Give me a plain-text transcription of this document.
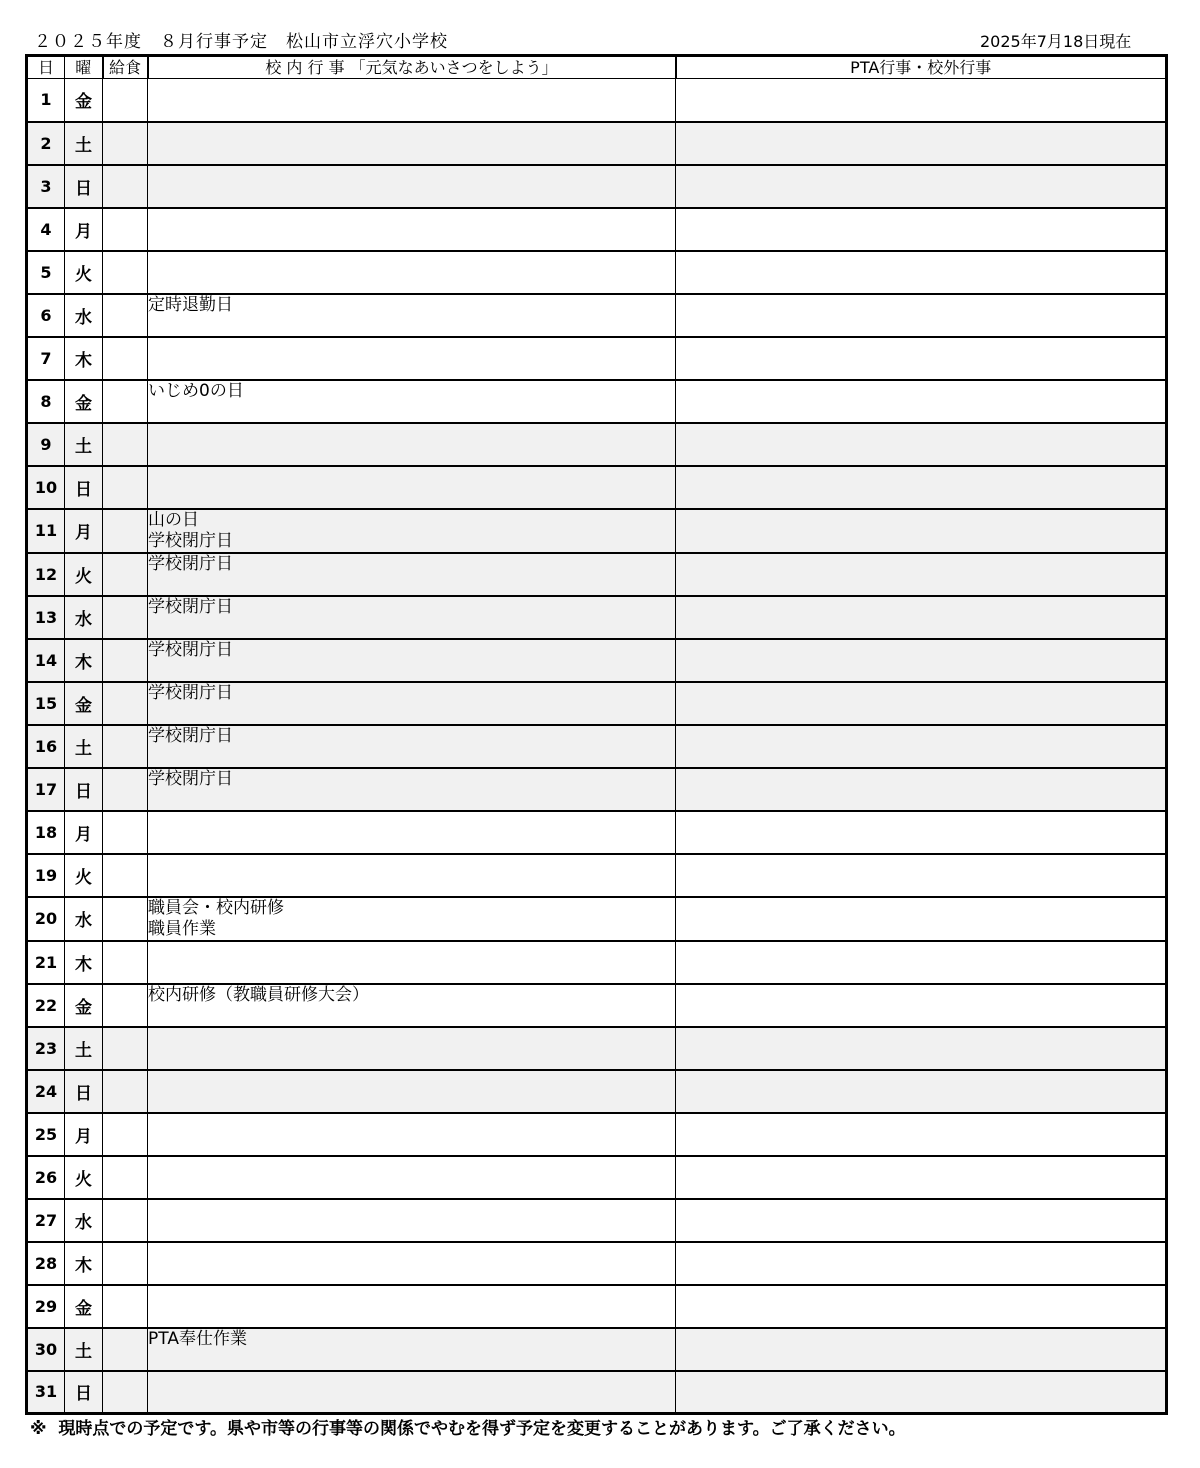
２０２５年度　８月行事予定　松山市立浮穴小学校	2025年7月18日現在
日	曜	給食	校 内 行 事 「元気なあいさつをしよう」	PTA行事・校外行事
1	金			
2	土			
3	日			
4	月			
5	火			
6	水		定時退勤日	
7	木			
8	金		いじめ0の日	
9	土			
10	日			
11	月		山の日
学校閉庁日	
12	火		学校閉庁日	
13	水		学校閉庁日	
14	木		学校閉庁日	
15	金		学校閉庁日	
16	土		学校閉庁日	
17	日		学校閉庁日	
18	月			
19	火			
20	水		職員会・校内研修
職員作業	
21	木			
22	金		校内研修（教職員研修大会）	
23	土			
24	日			
25	月			
26	火			
27	水			
28	木			
29	金			
30	土		PTA奉仕作業	
31	日			
※  現時点での予定です。県や市等の行事等の関係でやむを得ず予定を変更することがあります。ご了承ください。
